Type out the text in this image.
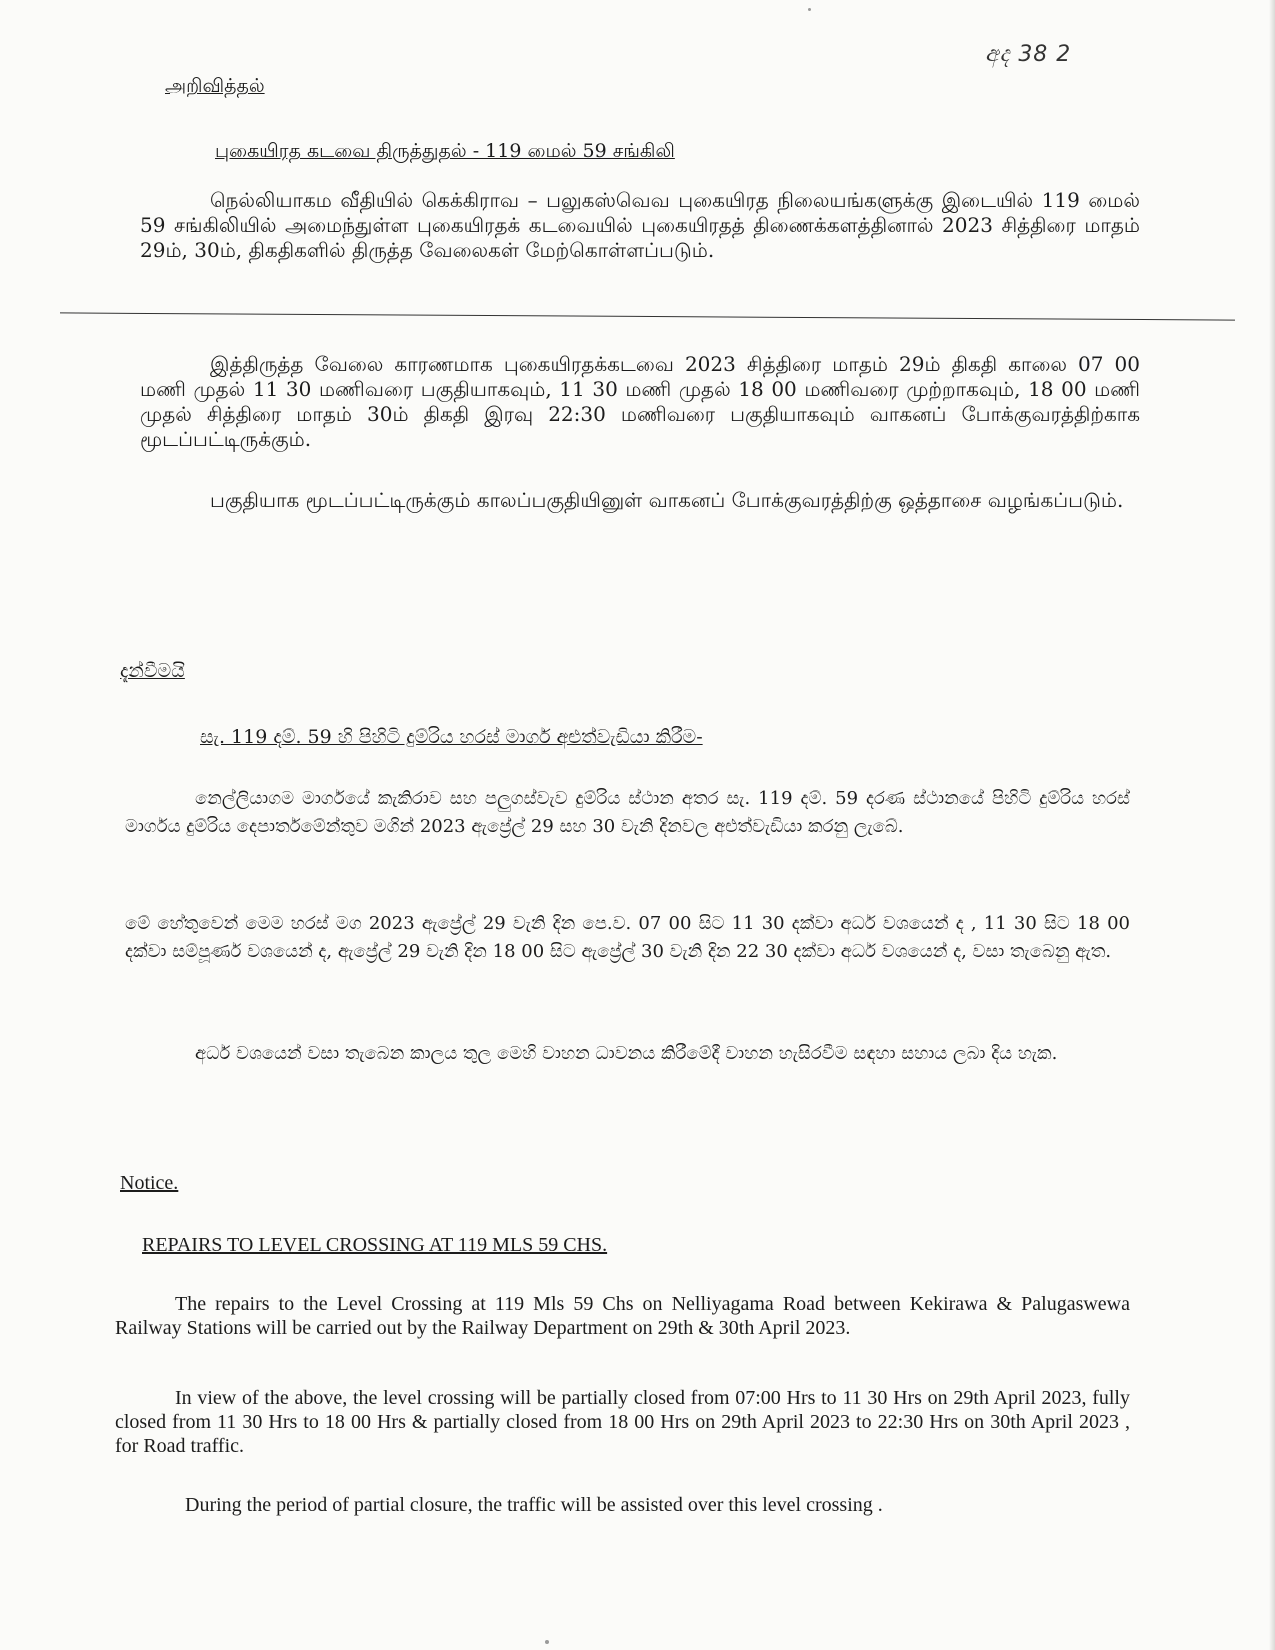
අද 38 2
அறிவித்தல்
புகையிரத கடவை திருத்துதல் - 119 மைல் 59 சங்கிலி
நெல்லியாகம வீதியில் கெக்கிராவ – பலுகஸ்வெவ புகையிரத நிலையங்களுக்கு இடையில் 119 மைல் 59 சங்கிலியில் அமைந்துள்ள புகையிரதக் கடவையில் புகையிரதத் திணைக்களத்தினால் 2023 சித்திரை மாதம் 29ம், 30ம், திகதிகளில் திருத்த வேலைகள் மேற்கொள்ளப்படும்.
இத்திருத்த வேலை காரணமாக புகையிரதக்கடவை 2023 சித்திரை மாதம் 29ம் திகதி காலை 07 00 மணி முதல் 11 30 மணிவரை பகுதியாகவும், 11 30 மணி முதல் 18 00 மணிவரை முற்றாகவும், 18 00 மணி முதல் சித்திரை மாதம் 30ம் திகதி இரவு 22:30 மணிவரை பகுதியாகவும் வாகனப் போக்குவரத்திற்காக மூடப்பட்டிருக்கும்.
பகுதியாக மூடப்பட்டிருக்கும் காலப்பகுதியினுள் வாகனப் போக்குவரத்திற்கு ஒத்தாசை வழங்கப்படும்.
දැන්වීමයි
සැ. 119 දම්. 59 හි පිහිටි දුම්රිය හරස් මාර්ග අළුත්වැඩියා කිරීම-
නෙල්ලියාගම මාර්ගයේ කැකිරාව සහ පලුගස්වැව දුම්රිය ස්ථාන අතර සැ. 119 දම්. 59 දරණ ස්ථානයේ පිහිටි දුම්රිය හරස් මාර්ගය දුම්රිය දෙපාර්තමේන්තුව මගින් 2023 ඇප්‍රේල් 29 සහ 30 වැනි දිනවල අළුත්වැඩියා කරනු ලැබේ.
මේ හේතුවෙන් මෙම හරස් මග 2023 ඇප්‍රේල් 29 වැනි දින පෙ.ව. 07 00 සිට 11 30 දක්වා අර්ධ වශයෙන් ද , 11 30 සිට 18 00 දක්වා සම්පූර්ණ වශයෙන් ද, ඇප්‍රේල් 29 වැනි දින 18 00 සිට ඇප්‍රේල් 30 වැනි දින 22 30 දක්වා අර්ධ වශයෙන් ද, වසා තැබෙනු ඇත.
අර්ධ වශයෙන් වසා තැබෙන කාලය තුල මෙහි වාහන ධාවනය කිරීමේදී වාහන හැසිරවීම සඳහා සහාය ලබා දිය හැක.
Notice.
REPAIRS TO LEVEL CROSSING AT 119 MLS 59 CHS.
The repairs to the Level Crossing at 119 Mls 59 Chs on Nelliyagama Road between Kekirawa & Palugaswewa Railway Stations will be carried out by the Railway Department on 29th & 30th April 2023.
In view of the above, the level crossing will be partially closed from 07:00 Hrs to 11 30 Hrs on 29th April 2023, fully closed from 11 30 Hrs to 18 00 Hrs & partially closed from 18 00 Hrs on 29th April 2023 to 22:30 Hrs on 30th April 2023 , for Road traffic.
During the period of partial closure, the traffic will be assisted over this level crossing .
